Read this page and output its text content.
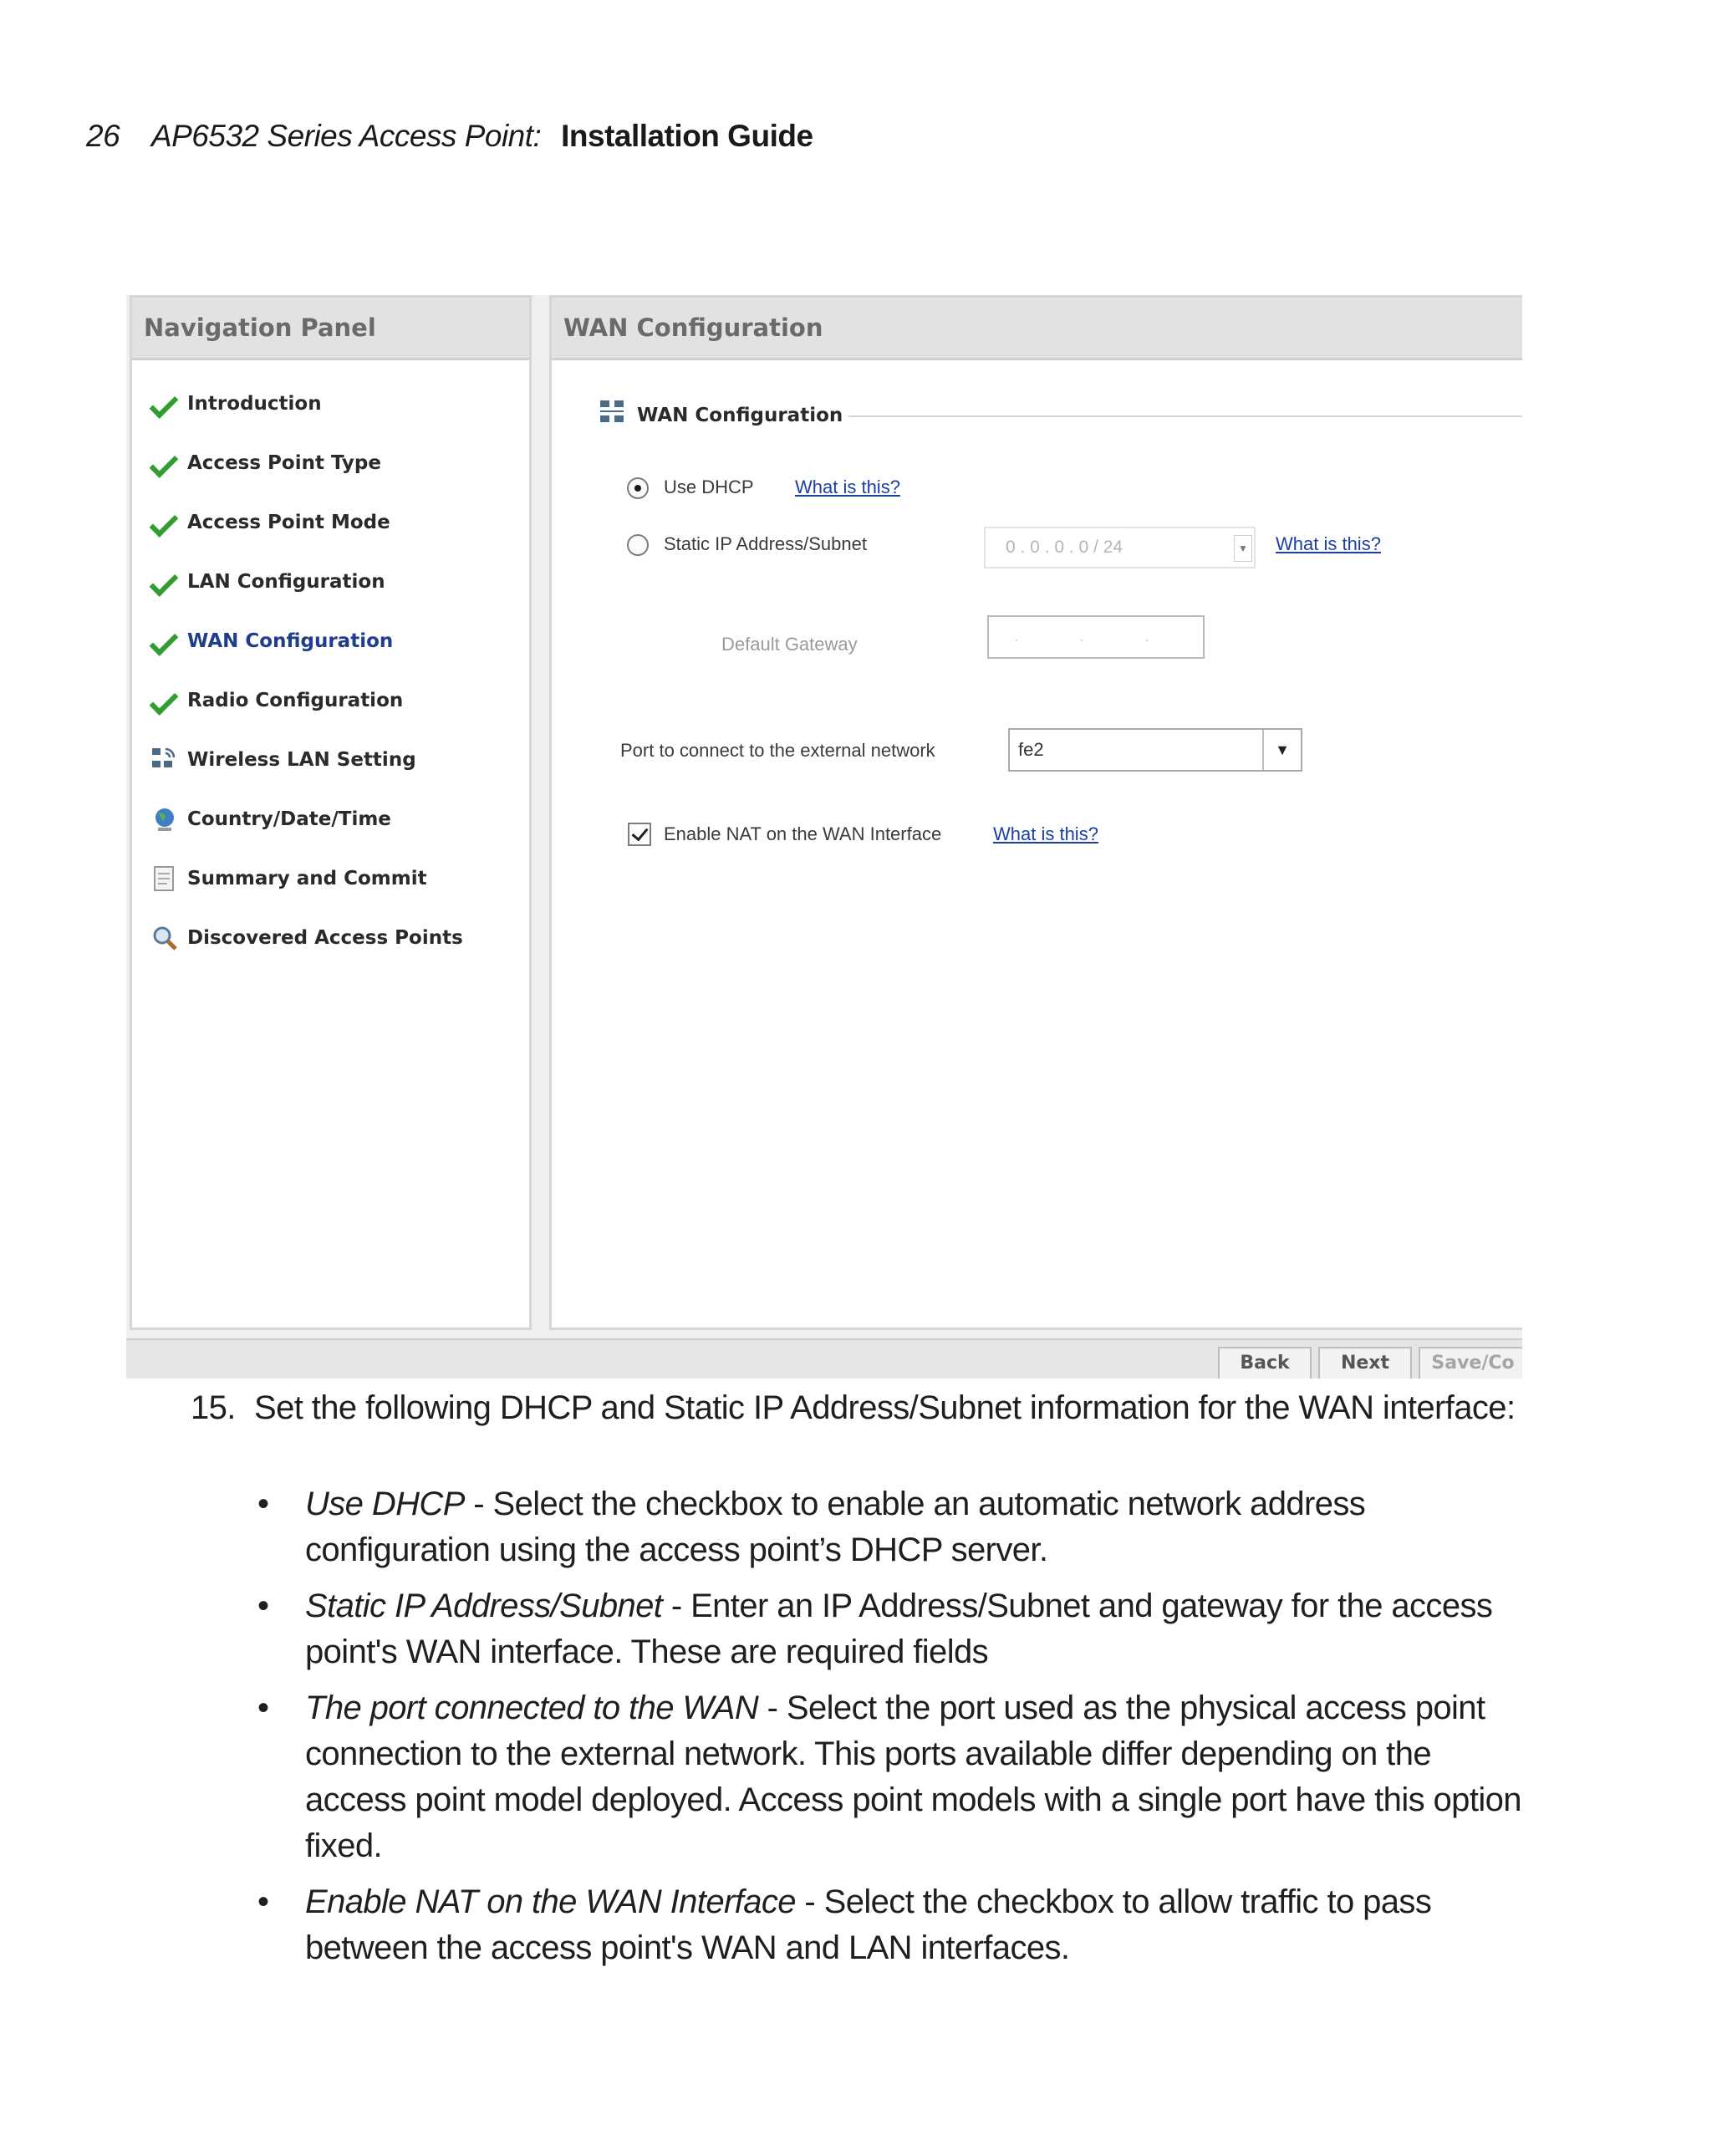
26 AP6532 Series Access Point: Installation Guide
Navigation Panel
Introduction
Access Point Type
Access Point Mode
LAN Configuration
WAN Configuration
Radio Configuration
Wireless LAN Setting
Country/Date/Time
Summary and Commit
Discovered Access Points
WAN Configuration
WAN Configuration
Use DHCP What is this?
Static IP Address/Subnet	0 . 0 . 0 . 0 / 24	▼ What is this?
Default Gateway	. . .
Port to connect to the external network	fe2	▼
Enable NAT on the WAN Interface	What is this?
Back	Next	Save/Co
15. Set the following DHCP and Static IP Address/Subnet information for the WAN interface:
• Use DHCP - Select the checkbox to enable an automatic network address configuration using the access point’s DHCP server.
• Static IP Address/Subnet - Enter an IP Address/Subnet and gateway for the access point's WAN interface. These are required fields
• The port connected to the WAN - Select the port used as the physical access point connection to the external network. This ports available differ depending on the access point model deployed. Access point models with a single port have this option fixed.
• Enable NAT on the WAN Interface - Select the checkbox to allow traffic to pass between the access point's WAN and LAN interfaces.
